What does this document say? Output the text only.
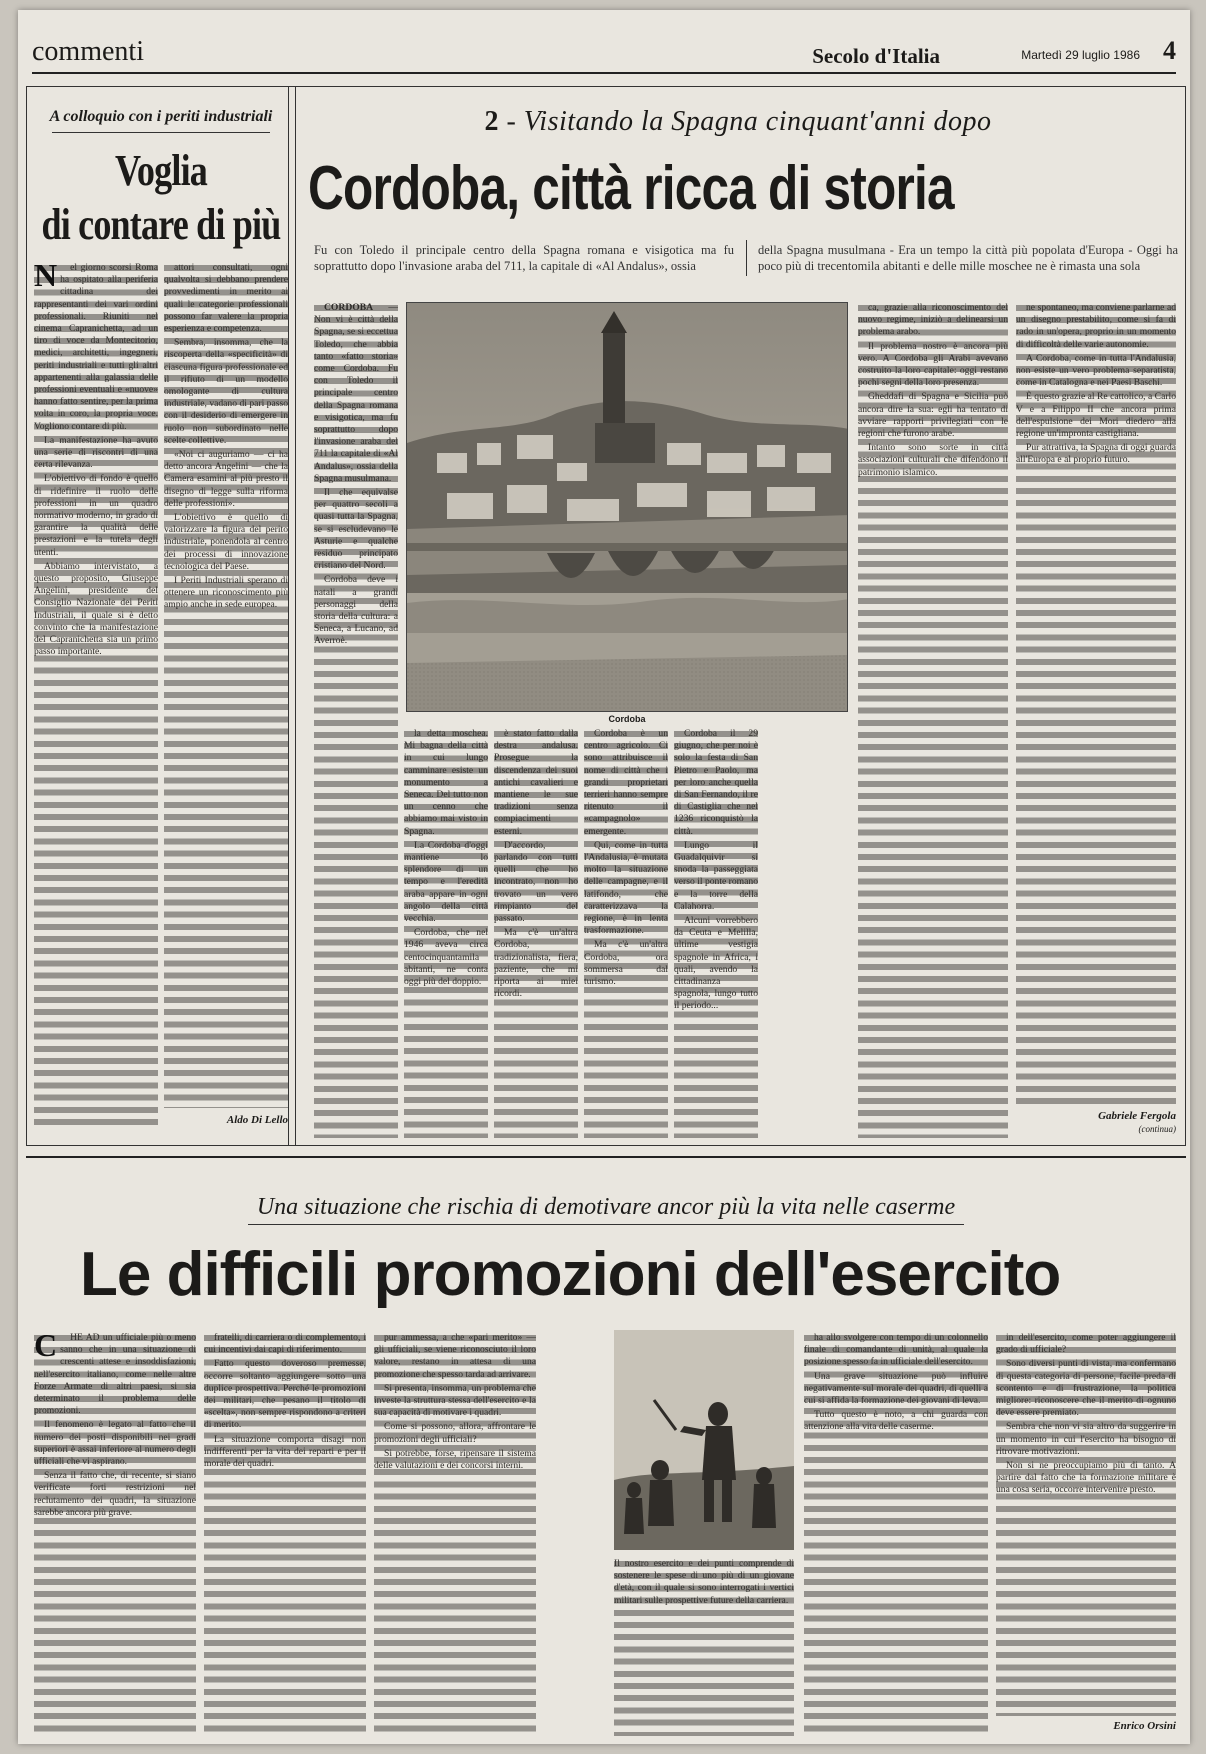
commenti	Secolo d'Italia	Martedì 29 luglio 1986 4
A colloquio con i periti industriali
Voglia
di contare di più
N	el giorno scorsi Roma ha ospitato alla periferia cittadina dei rappresentanti dei vari ordini professionali. Riuniti nel cinema Capranichetta, ad un tiro di voce da Montecitorio, medici, architetti, ingegneri, periti industriali e tutti gli altri appartenenti alla galassia delle professioni eventuali e «nuove» hanno fatto sentire, per la prima volta in coro, la propria voce. Vogliono contare di più.

La manifestazione ha avuto una serie di riscontri di una certa rilevanza.

L'obiettivo di fondo è quello di ridefinire il ruolo delle professioni in un quadro normativo moderno, in grado di garantire la qualità delle prestazioni e la tutela degli utenti.

Abbiamo intervistato, a questo proposito, Giuseppe Angelini, presidente del Consiglio Nazionale dei Periti Industriali, il quale si è detto convinto che la manifestazione del Capranichetta sia un primo passo importante.

attori consultati, ogni qualvolta si debbano prendere provvedimenti in merito ai quali le categorie professionali possono far valere la propria esperienza e competenza.

Sembra, insomma, che la riscoperta della «specificità» di ciascuna figura professionale ed il rifiuto di un modello omologante di cultura industriale, vadano di pari passo con il desiderio di emergere in ruolo non subordinato nelle scelte collettive.

«Noi ci auguriamo — ci ha detto ancora Angelini — che la Camera esamini al più presto il disegno di legge sulla riforma delle professioni».

L'obiettivo è quello di valorizzare la figura del perito industriale, ponendola al centro dei processi di innovazione tecnologica del Paese.

I Periti Industriali sperano di ottenere un riconoscimento più ampio anche in sede europea.

Aldo Di Lello
2 - Visitando la Spagna cinquant'anni dopo
Cordoba, città ricca di storia
Fu con Toledo il principale centro della Spagna romana e visigotica ma fu soprattutto dopo l'invasione araba del 711, la capitale di «Al Andalus», ossia
della Spagna musulmana - Era un tempo la città più popolata d'Europa - Oggi ha poco più di trecentomila abitanti e delle mille moschee ne è rimasta una sola
Cordoba

CORDOBA — Non vi è città della Spagna, se si eccettua Toledo, che abbia tanto «fatto storia» come Cordoba. Fu con Toledo il principale centro della Spagna romana e visigotica, ma fu soprattutto dopo l'invasione araba del 711 la capitale di «Al Andalus», ossia della Spagna musulmana.

Il che equivalse per quattro secoli a quasi tutta la Spagna, se si escludevano le Asturie e qualche residuo principato cristiano del Nord.

Cordoba deve i natali a grandi personaggi della storia della cultura: a Seneca, a Lucano, ad Averroè.

la detta moschea. Mi bagna della città in cui lungo camminare esiste un monumento a Seneca. Del tutto non un cenno che abbiamo mai visto in Spagna.

La Cordoba d'oggi mantiene lo splendore di un tempo e l'eredità araba appare in ogni angolo della città vecchia.

Cordoba, che nel 1946 aveva circa centocinquantamila abitanti, ne conta oggi più del doppio.

è stato fatto dalla destra andalusa. Prosegue la discendenza dei suoi antichi cavalieri e mantiene le sue tradizioni senza compiacimenti esterni.

D'accordo, parlando con tutti quelli che ho incontrato, non ho trovato un vero rimpianto del passato.

Ma c'è un'altra Cordoba, tradizionalista, fiera, paziente, che mi riporta ai miei ricordi.

Cordoba è un centro agricolo. Ci sono attribuisce il nome di città che i grandi proprietari terrieri hanno sempre ritenuto il «campagnolo» emergente.

Qui, come in tutta l'Andalusia, è mutata molto la situazione delle campagne, e il latifondo, che caratterizzava la regione, è in lenta trasformazione.

Ma c'è un'altra Cordoba, ora sommersa dal turismo.

Cordoba il 29 giugno, che per noi è solo la festa di San Pietro e Paolo, ma per loro anche quella di San Fernando, il re di Castiglia che nel 1236 riconquistò la città.

Lungo il Guadalquivir si snoda la passeggiata verso il ponte romano e la torre della Calahorra.

Alcuni vorrebbero da Ceuta e Melilla, ultime vestigia spagnole in Africa, i quali, avendo la cittadinanza spagnola, lungo tutto il periodo...

ca, grazie alla riconoscimento del nuovo regime, iniziò a delinearsi un problema arabo.

Il problema nostro è ancora più vero. A Cordoba gli Arabi avevano costruito la loro capitale: oggi restano pochi segni della loro presenza.

Gheddafi di Spagna e Sicilia può ancora dire la sua: egli ha tentato di avviare rapporti privilegiati con le regioni che furono arabe.

Intanto sono sorte in città associazioni culturali che difendono il patrimonio islamico.

ne spontaneo, ma conviene parlarne ad un disegno prestabilito, come si fa di rado in un'opera, proprio in un momento di difficoltà delle varie autonomie.

A Cordoba, come in tutta l'Andalusia, non esiste un vero problema separatista, come in Catalogna e nei Paesi Baschi.

È questo grazie al Re cattolico, a Carlo V e a Filippo II che ancora prima dell'espulsione dei Mori diedero alla regione un'impronta castigliana.

Pur attrattiva, la Spagna di oggi guarda all'Europa e al proprio futuro.

Gabriele Fergola
(continua)
Una situazione che rischia di demotivare ancor più la vita nelle caserme
Le difficili promozioni dell'esercito
C	HE AD un ufficiale più o meno sanno che in una situazione di crescenti attese e insoddisfazioni, nell'esercito italiano, come nelle altre Forze Armate di altri paesi, si sia determinato il problema delle promozioni.

Il fenomeno è legato al fatto che il numero dei posti disponibili nei gradi superiori è assai inferiore al numero degli ufficiali che vi aspirano.

Senza il fatto che, di recente, si siano verificate forti restrizioni nel reclutamento dei quadri, la situazione sarebbe ancora più grave.

fratelli, di carriera o di complemento, i cui incentivi dai capi di riferimento.

Fatto questo doveroso premesse, occorre soltanto aggiungere sotto una duplice prospettiva. Perché le promozioni dei militari, che pesano il titolo di «scelta», non sempre rispondono a criteri di merito.

La situazione comporta disagi non indifferenti per la vita dei reparti e per il morale dei quadri.

pur ammessa, a che «pari merito» — gli ufficiali, se viene riconosciuto il loro valore, restano in attesa di una promozione che spesso tarda ad arrivare.

Si presenta, insomma, un problema che investe la struttura stessa dell'esercito e la sua capacità di motivare i quadri.

Come si possono, allora, affrontare le promozioni degli ufficiali?

Si potrebbe, forse, ripensare il sistema delle valutazioni e dei concorsi interni.

Il nostro esercito e dei punti comprende di sostenere le spese di uno più di un giovane d'età, con il quale si sono interrogati i vertici militari sulle prospettive future della carriera.

ha allo svolgere con tempo di un colonnello finale di comandante di unità, al quale la posizione spesso fa in ufficiale dell'esercito.

Una grave situazione può influire negativamente sul morale dei quadri, di quelli a cui si affida la formazione dei giovani di leva.

Tutto questo è noto, a chi guarda con attenzione alla vita delle caserme.

in dell'esercito, come poter aggiungere il grado di ufficiale?

Sono diversi punti di vista, ma confermano di questa categoria di persone, facile preda di scontento e di frustrazione, la politica migliore: riconoscere che il merito di ognuno deve essere premiato.

Sembra che non vi sia altro da suggerire in un momento in cui l'esercito ha bisogno di ritrovare motivazioni.

Non si ne preoccupiamo più di tanto. A partire dal fatto che la formazione militare è una cosa seria, occorre intervenire presto.

Enrico Orsini
